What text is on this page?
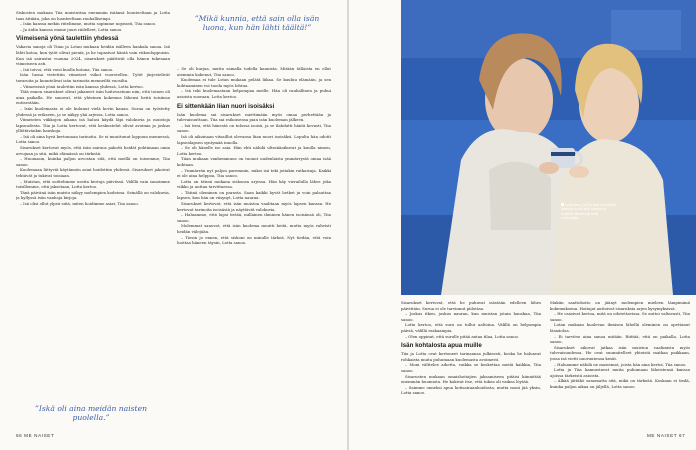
Siskosten mukaan Tiia muistuttaa enemmän isäänsä luonteeltaan ja Lotta taas äitiään, joka on luonteeltaan rauhallisempi.

– Isän kanssa mekin riitelimme, mutta sopimme nopeasti, Tiia sanoo.

– Ja äidin kanssa emme juuri riidelleet, Lotta sanoo.

Viimeisenä yönä taulettiin yhdessä

Vakavia sanoja oli Tiian ja Lotan mukaan heidän isälleen hankala sanoa. Isä lähti kotoa, kun tytöt olivat pieniä, ja he tapasivat häntä vain viikonloppuisin. Kun isä sairastui vuonna 2024, sisarukset päättivät olla hänen tukenaan viimeiseen asti.

– Isä toivoi, että voisi kuolla kotona, Tiia sanoo.

Isän luona vietettiin viimeiset viikot vuorotellen. Tytöt järjestelivät tavaroita ja kuuntelivat isän tarinoita menneiltä vuosilta.

– Viimeisenä yönä taulettiin isän kanssa yhdessä, Lotta kertoo.

Tätä ennen sisarukset olivat jakaneet isän hoitovastuun niin, että toinen oli aina paikalla. He sanovat, että yhteinen kokemus lähensi heitä toisiinsa entisestään.

– Isän kuolemasta ei ole kulunut vielä kovin kauan. Surua on työstetty yhdessä ja erikseen, ja se näkyy yhä arjessa, Lotta sanoo.

Viimeisten viikkojen aikana isä halusi käydä läpi valokuvia ja muistoja lapsuudesta. Tiia ja Lotta kertovat, että keskustelut olivat avoimia ja joskus yllättävänkin hauskoja.

– Isä oli aina hyvä kertomaan tarinoita. Se ei muuttunut loppuun mennessä, Lotta sanoo.

Sisarukset kertovat myös, että isän sairaus pakotti heidät pohtimaan omia arvojaan ja sitä, mikä elämässä on tärkeää.

– Huomasin, kuinka paljon arvostan sitä, että meillä on toisemme, Tiia sanoo.

Kuolemaan liittyvät käytännön asiat hoidettiin yhdessä. Sisarukset jakoivat tehtävät ja tukivat toisiaan.

– Muistan, että soittelimme useita kertoja päivässä. Välillä vain sanoimme toisillemme, että jaksetaan, Lotta kertoo.

Tänä päivänä isän muisto näkyy molempien kodeissa. Seinällä on valokuvia, ja hyllyssä isän vanhoja kirjoja.

– Isä olisi ollut ylpeä siitä, miten hoidimme asiat, Tiia sanoo.

”Mikä kunnia, että sain olla isän luona, kun hän lähti täältä!”

– Se oli hurjaa, mutta samalla todella kaunista. Mitään tällaista en ollut aiemmin kokenut, Tiia sanoo.

Kuolemaa ei tule Lotan mukaan pelätä liikaa. Se kuuluu elämään, ja sen kohtaaminen voi tuoda myös lohtua.

– Isä teki kuolemastaan helpompaa meille. Hän oli rauhallinen ja puhui asioista suoraan, Lotta kertoo.

Ei sittenkään liian nuori isoisäksi

Isän kuolema sai sisarukset miettimään myös omaa perhettään ja tulevaisuuttaan. Tiia sai esikoisensa pian isän kuoleman jälkeen.

– Isä tiesi, että hänestä on tulossa isoisä, ja se ilahdutti häntä kovasti, Tiia sanoo.

Isä oli aikoinaan vitsaillut olevansa liian nuori isoisäksi. Lopulta hän odotti lapsenlapsen syntymää innolla.

– Se oli hänelle iso asia. Hän ehti nähdä ultraäänikuvat ja kuulla nimen, Lotta kertoo.

Tiian mukaan vanhemmuus on tuonut uudenlaista ymmärrystä omaa isää kohtaan.

– Ymmärrän nyt paljon paremmin, miksi isä teki joitakin ratkaisuja. Kaikki ei ole aina helppoa, Tiia sanoo.

Lotta on tätinä mukana siskonsa arjessa. Hän käy vierailulla lähes joka viikko ja auttaa tarvittaessa.

– Tätinä oleminen on parasta. Saan kaikki hyvät hetket ja voin palauttaa lapsen, kun hän on väsynyt, Lotta nauraa.

Sisarukset kertovat, että isän muistoa vaalitaan myös lapsen kanssa. He kertovat tarinoita isoisästä ja näyttävät valokuvia.

– Haluamme, että lapsi tietää, millainen ihminen hänen isoisänsä oli, Tiia sanoo.

Molemmat sanovat, että isän kuolema muutti heitä, mutta myös vahvisti heidän välejään.

– Tiesin jo ennen, että siskoni on minulle tärkeä. Nyt tiedän, että voin luottaa häneen täysin, Lotta sanoo.

”Iskä oli aina meidän naisten puolella.”
66 ME NAISET
Lotta (vas.) ja Tiia ovat aina olleet läheisiä, mutta isän sairaus ja kuolema lähensivät heitä entisestään.

Sisarukset kertovat, että he puhuvat isästään edelleen lähes päivittäin. Surua ei ole tarvinnut piilottaa.

– Joskus itken, joskus nauran, kun muistan jotain hauskaa, Tiia sanoo.

Lotta kertoo, että suru on tullut aaltoina. Välillä on helpompia päiviä, välillä raskaampia.

– Olen oppinut, että surulle pitää antaa tilaa, Lotta sanoo.

Isän kohtalosta apua muille

Tiia ja Lotta ovat kertoneet tarinaansa julkisesti, koska he haluavat rohkaista muita puhumaan kuolemasta avoimesti.

– Moni välttelee aihetta, vaikka se koskettaa meitä kaikkia, Tiia sanoo.

Sisarusten mukaan omaishoitajien jaksamiseen pitäisi kiinnittää enemmän huomiota. He kokivat itse, että tukea oli vaikea löytää.

– Saimme onneksi apua kotisairaanhoidosta, mutta moni jää yksin, Lotta sanoo.

Makiin saattohoito on jäänyt molempien mieleen lämpimänä kokemuksena. Hoitajat auttoivat sisaruksia arjen kysymyksissä.

– He osasivat kertoa, mitä on odotettavissa. Se auttoi valtavasti, Tiia sanoo.

Lotan mukaan kuolevan ihmisen lähellä oleminen on opettanut läsnäoloa.

– Ei tarvitse aina sanoa mitään. Riittää, että on paikalla, Lotta sanoo.

Sisarukset aikovat jatkaa isän muiston vaalimista myös tulevaisuudessa. He ovat suunnitelleet yhteistä matkaa paikkaan, jossa isä vietti nuoruutensa kesät.

– Haluamme nähdä ne maisemat, joista hän aina kertoi, Tiia sanoo.

Lotta ja Tiia kannustavat muita puhumaan läheistensä kanssa ajoissa tärkeistä asioista.

– Älkää jättäkö sanomatta sitä, mikä on tärkeää. Koskaan ei tiedä, kuinka paljon aikaa on jäljellä, Lotta sanoo.

ME NAISET 67
